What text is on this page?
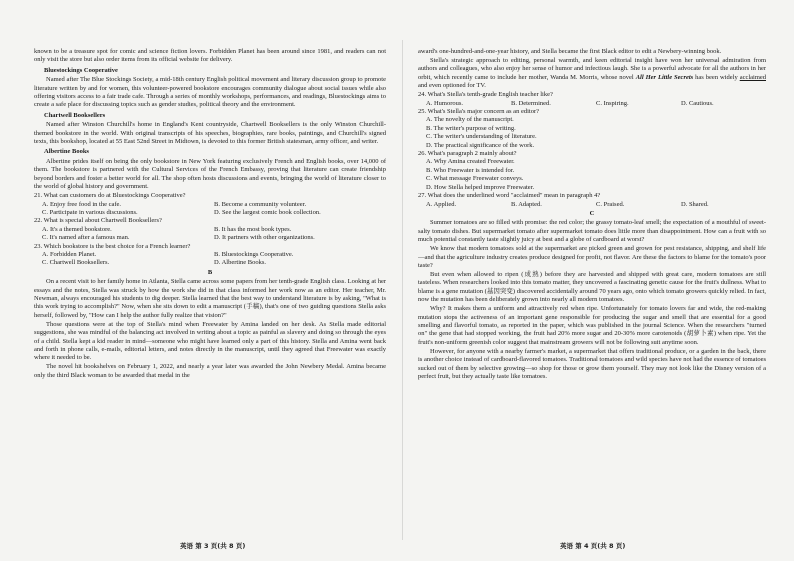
known to be a treasure spot for comic and science fiction lovers. Forbidden Planet has been around since 1981, and readers can not only visit the store but also order items from its official website for delivery.

Bluestockings Cooperative

Named after The Blue Stockings Society, a mid-18th century English political movement and literary discussion group to promote literature written by and for women, this volunteer-powered bookstore encourages community dialogue about social issues while also offering visitors access to a fair trade cafe. Through a series of monthly workshops, performances, and readings, Bluestockings aims to create a safe place for discussing topics such as gender studies, political theory and the environment.

Chartwell Booksellers

Named after Winston Churchill's home in England's Kent countryside, Chartwell Booksellers is the only Winston Churchill-themed bookstore in the world. With original transcripts of his speeches, biographies, rare books, paintings, and Churchill's signed texts, this bookshop, located at 55 East 52nd Street in Midtown, is devoted to this former British statesman, army officer, and writer.

Albertine Books

Albertine prides itself on being the only bookstore in New York featuring exclusively French and English books, over 14,000 of them. The bookstore is partnered with the Cultural Services of the French Embassy, proving that literature can create friendship beyond borders and foster a better world for all. The shop often hosts discussions and events, bringing the world of literature closer to the world of global history and government.

21. What can customers do at Bluestockings Cooperative?
A. Enjoy free food in the cafe.	B. Become a community volunteer.
C. Participate in various discussions.	D. See the largest comic book collection.
22. What is special about Chartwell Booksellers?
A. It's a themed bookstore.	B. It has the most book types.
C. It's named after a famous man.	D. It partners with other organizations.
23. Which bookstore is the best choice for a French learner?
A. Forbidden Planet.	B. Bluestockings Cooperative.
C. Chartwell Booksellers.	D. Albertine Books.
B

On a recent visit to her family home in Atlanta, Stella came across some papers from her tenth-grade English class. Looking at her essays and the notes, Stella was struck by how the work she did in that class informed her work now as an editor. Her teacher, Mr. Newman, always encouraged his students to dig deeper. Stella learned that the best way to understand literature is by asking, "What is this work trying to accomplish?" Now, when she sits down to edit a manuscript (手稿), that's one of two guiding questions Stella asks herself, followed by, "How can I help the author fully realize that vision?"

Those questions were at the top of Stella's mind when Freewater by Amina landed on her desk. As Stella made editorial suggestions, she was mindful of the balancing act involved in writing about a topic as painful as slavery and doing so through the eyes of a child. Stella kept a kid reader in mind—someone who might have learned only a part of this history. Stella and Amina went back and forth in phone calls, e-mails, editorial letters, and notes directly in the manuscript, until they agreed that Freewater was exactly where it needed to be.

The novel hit bookshelves on February 1, 2022, and nearly a year later was awarded the John Newbery Medal. Amina became only the third Black woman to be awarded that medal in the

英语 第 3 页(共 8 页)

award's one-hundred-and-one-year history, and Stella became the first Black editor to edit a Newbery-winning book.

Stella's strategic approach to editing, personal warmth, and keen editorial insight have won her universal admiration from authors and colleagues, who also enjoy her sense of humor and infectious laugh. She is a powerful advocate for all the authors in her orbit, which recently came to include her mother, Wanda M. Morris, whose novel All Her Little Secrets has been widely acclaimed and even optioned for TV.

24. What's Stella's tenth-grade English teacher like?
A. Humorous.	B. Determined.	C. Inspiring.	D. Cautious.
25. What's Stella's major concern as an editor?
A. The novelty of the manuscript.
B. The writer's purpose of writing.
C. The writer's understanding of literature.
D. The practical significance of the work.
26. What's paragraph 2 mainly about?
A. Why Amina created Freewater.
B. Who Freewater is intended for.
C. What message Freewater conveys.
D. How Stella helped improve Freewater.
27. What does the underlined word "acclaimed" mean in paragraph 4?
A. Applied.	B. Adapted.	C. Praised.	D. Shared.
C

Summer tomatoes are so filled with promise: the red color; the grassy tomato-leaf smell; the expectation of a mouthful of sweet-salty tomato dishes. But supermarket tomato after supermarket tomato does little more than disappointment. How can a fruit with so much potential constantly taste slightly juicy at best and a globe of cardboard at worst?

We know that modern tomatoes sold at the supermarket are picked green and grown for pest resistance, shipping, and shelf life—and that the agriculture industry creates produce designed for profit, not flavor. Are these the factors to blame for the tomato's poor taste?

But even when allowed to ripen (成熟) before they are harvested and shipped with great care, modern tomatoes are still tasteless. When researchers looked into this tomato matter, they uncovered a fascinating genetic cause for the fruit's dullness. What to blame is a gene mutation (基因突变) discovered accidentally around 70 years ago, onto which tomato growers quickly relied. In fact, now the mutation has been deliberately grown into nearly all modern tomatoes.

Why? It makes them a uniform and attractively red when ripe. Unfortunately for tomato lovers far and wide, the red-making mutation stops the activeness of an important gene responsible for producing the sugar and smell that are essential for a good smelling and flavorful tomato, as reported in the paper, which was published in the journal Science. When the researchers "turned on" the gene that had stopped working, the fruit had 20% more sugar and 20-30% more carotenoids (胡萝卜素) when ripe. Yet the fruit's non-uniform greenish color suggest that mainstream growers will not be following suit anytime soon.

However, for anyone with a nearby farmer's market, a supermarket that offers traditional produce, or a garden in the back, there is another choice instead of cardboard-flavored tomatoes. Traditional tomatoes and wild species have not had the essence of tomatoes sucked out of them by selective growing—so shop for those or grow them yourself. They may not look like the Disney version of a perfect fruit, but they actually taste like tomatoes.

英语 第 4 页(共 8 页)
